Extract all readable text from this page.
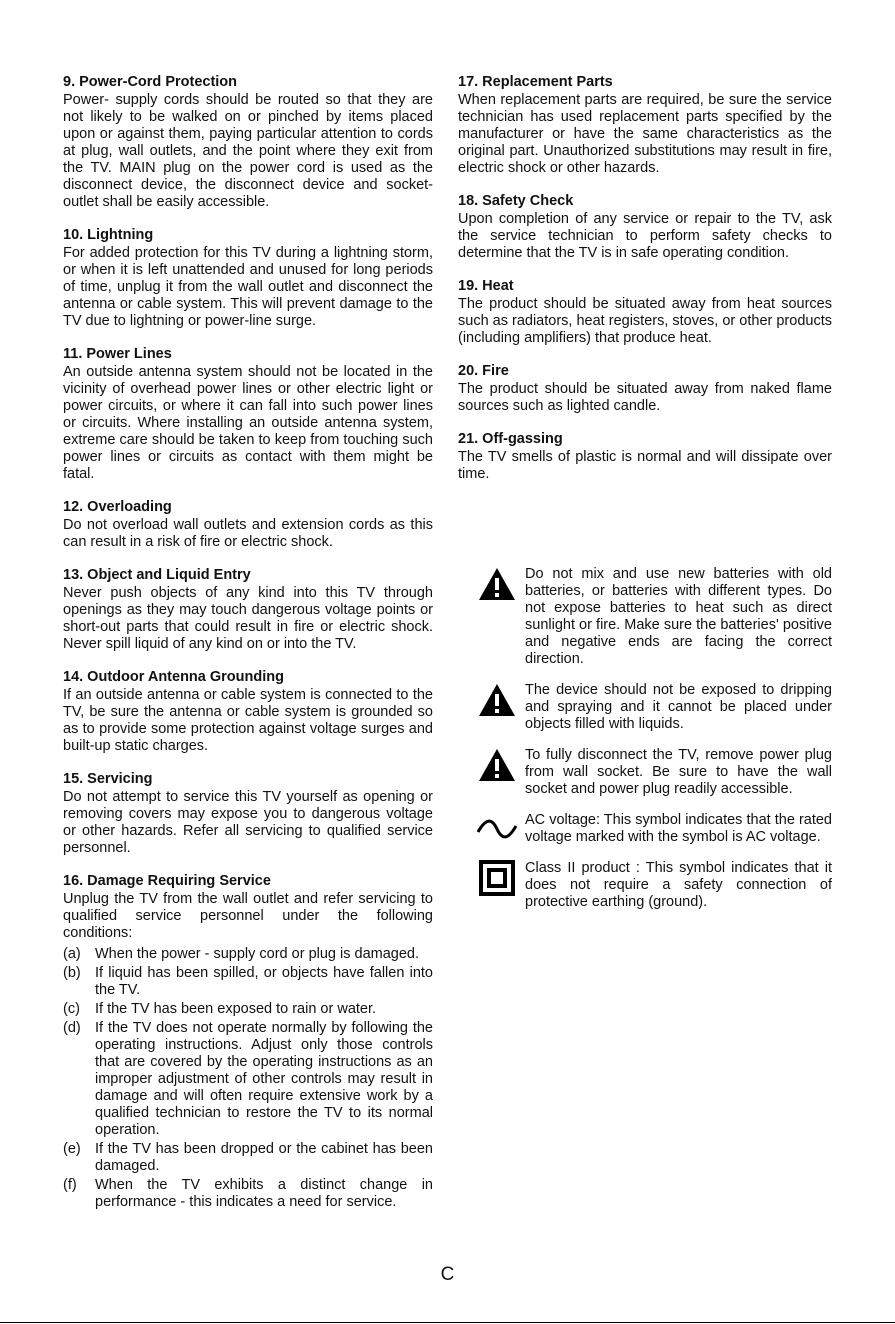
9. Power-Cord Protection

Power- supply cords should be routed so that they are not likely to be walked on or pinched by items placed upon or against them, paying particular attention to cords at plug, wall outlets, and the point where they exit from the TV. MAIN plug on the power cord is used as the disconnect device, the disconnect device and socket-outlet shall be easily accessible.

10. Lightning

For added protection for this TV during a lightning storm, or when it is left unattended and unused for long periods of time, unplug it from the wall outlet and disconnect the antenna or cable system. This will prevent damage to the TV due to lightning or power-line surge.

11. Power Lines

An outside antenna system should not be located in the vicinity of overhead power lines or other electric light or power circuits, or where it can fall into such power lines or circuits. Where installing an outside antenna system, extreme care should be taken to keep from touching such power lines or circuits as contact with them might be fatal.

12. Overloading

Do not overload wall outlets and extension cords as this can result in a risk of fire or electric shock.

13. Object and Liquid Entry

Never push objects of any kind into this TV through openings as they may touch dangerous voltage points or short-out parts that could result in fire or electric shock. Never spill liquid of any kind on or into the TV.

14. Outdoor Antenna Grounding

If an outside antenna or cable system is connected to the TV, be sure the antenna or cable system is grounded so as to provide some protection against voltage surges and built-up static charges.

15. Servicing

Do not attempt to service this TV yourself as opening or removing covers may expose you to dangerous voltage or other hazards. Refer all servicing to qualified service personnel.

16. Damage Requiring Service

Unplug the TV from the wall outlet and refer servicing to qualified service personnel under the following conditions:

(a) When the power - supply cord or plug is damaged.
(b) If liquid has been spilled, or objects have fallen into the TV.
(c)	If the TV has been exposed to rain or water.
(d) If the TV does not operate normally by following the operating instructions. Adjust only those controls that are covered by the operating instructions as an improper adjustment of other controls may result in damage and will often require extensive work by a qualified technician to restore the TV to its normal operation.
(e) If the TV has been dropped or the cabinet has been damaged.
(f)	When the TV exhibits a distinct change in performance - this indicates a need for service.

17. Replacement Parts

When replacement parts are required, be sure the service technician has used replacement parts specified by the manufacturer or have the same characteristics as the original part. Unauthorized substitutions may result in fire, electric shock or other hazards.

18. Safety Check

Upon completion of any service or repair to the TV, ask the service technician to perform safety checks to determine that the TV is in safe operating condition.

19. Heat

The product should be situated away from heat sources such as radiators, heat registers, stoves, or other products (including amplifiers) that produce heat.

20. Fire

The product should be situated away from naked flame sources such as lighted candle.

21. Off-gassing

The TV smells of plastic is normal and will dissipate over time.

Do not mix and use new batteries with old batteries, or batteries with different types. Do not expose batteries to heat such as direct sunlight or fire. Make sure the batteries' positive and negative ends are facing the correct direction.
The device should not be exposed to dripping and spraying and it cannot be placed under objects filled with liquids.
To fully disconnect the TV, remove power plug from wall socket. Be sure to have the wall socket and power plug readily accessible.
AC voltage: This symbol indicates that the rated voltage marked with the symbol is AC voltage.
Class II product : This symbol indicates that it does not require a safety connection of protective earthing (ground).
C
